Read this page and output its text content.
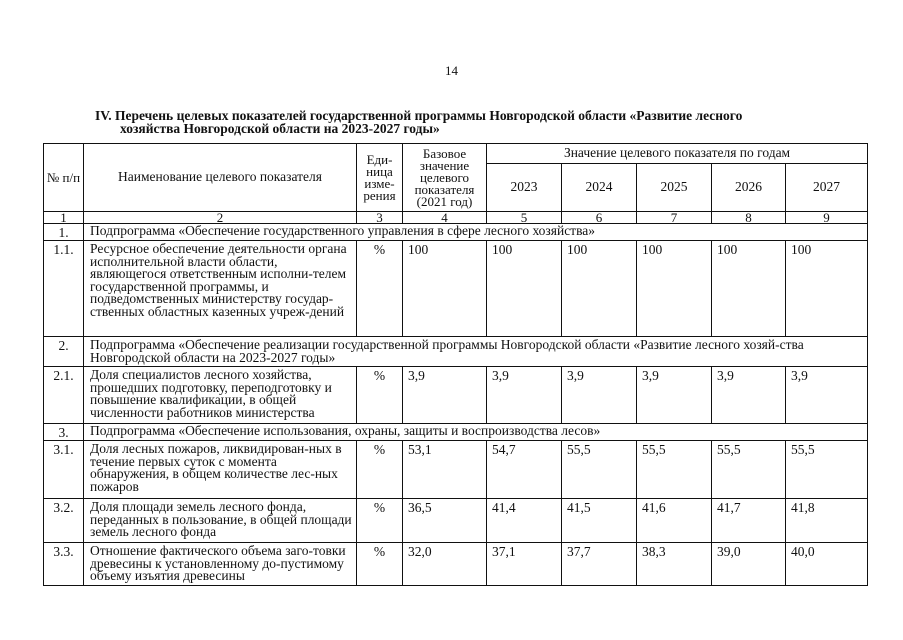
14
IV. Перечень целевых показателей государственной программы Новгородской области «Развитие лесного
хозяйства Новгородской области на 2023-2027 годы»
№ п/п	Наименование целевого показателя	Еди-ница изме-рения	Базовое значение целевого показателя (2021 год)	Значение целевого показателя по годам				
				2023	2024	2025	2026	2027
1	2	3	4	5	6	7	8	9
1.	Подпрограмма «Обеспечение государственного управления в сфере лесного хозяйства»							
1.1.	Ресурсное обеспечение деятельности органа исполнительной власти области, являющегося ответственным исполни-телем государственной программы, и подведомственных министерству государ-ственных областных казенных учреж-дений	%	100	100	100	100	100	100
2.	Подпрограмма «Обеспечение реализации государственной программы Новгородской области «Развитие лесного хозяй-ства Новгородской области на 2023-2027 годы»							
2.1.	Доля специалистов лесного хозяйства, прошедших подготовку, переподготовку и повышение квалификации, в общей численности работников министерства	%	3,9	3,9	3,9	3,9	3,9	3,9
3.	Подпрограмма «Обеспечение использования, охраны, защиты и воспроизводства лесов»							
3.1.	Доля лесных пожаров, ликвидирован-ных в течение первых суток с момента обнаружения, в общем количестве лес-ных пожаров	%	53,1	54,7	55,5	55,5	55,5	55,5
3.2.	Доля площади земель лесного фонда, переданных в пользование, в общей площади земель лесного фонда	%	36,5	41,4	41,5	41,6	41,7	41,8
3.3.	Отношение фактического объема заго-товки древесины к установленному до-пустимому объему изъятия древесины	%	32,0	37,1	37,7	38,3	39,0	40,0
